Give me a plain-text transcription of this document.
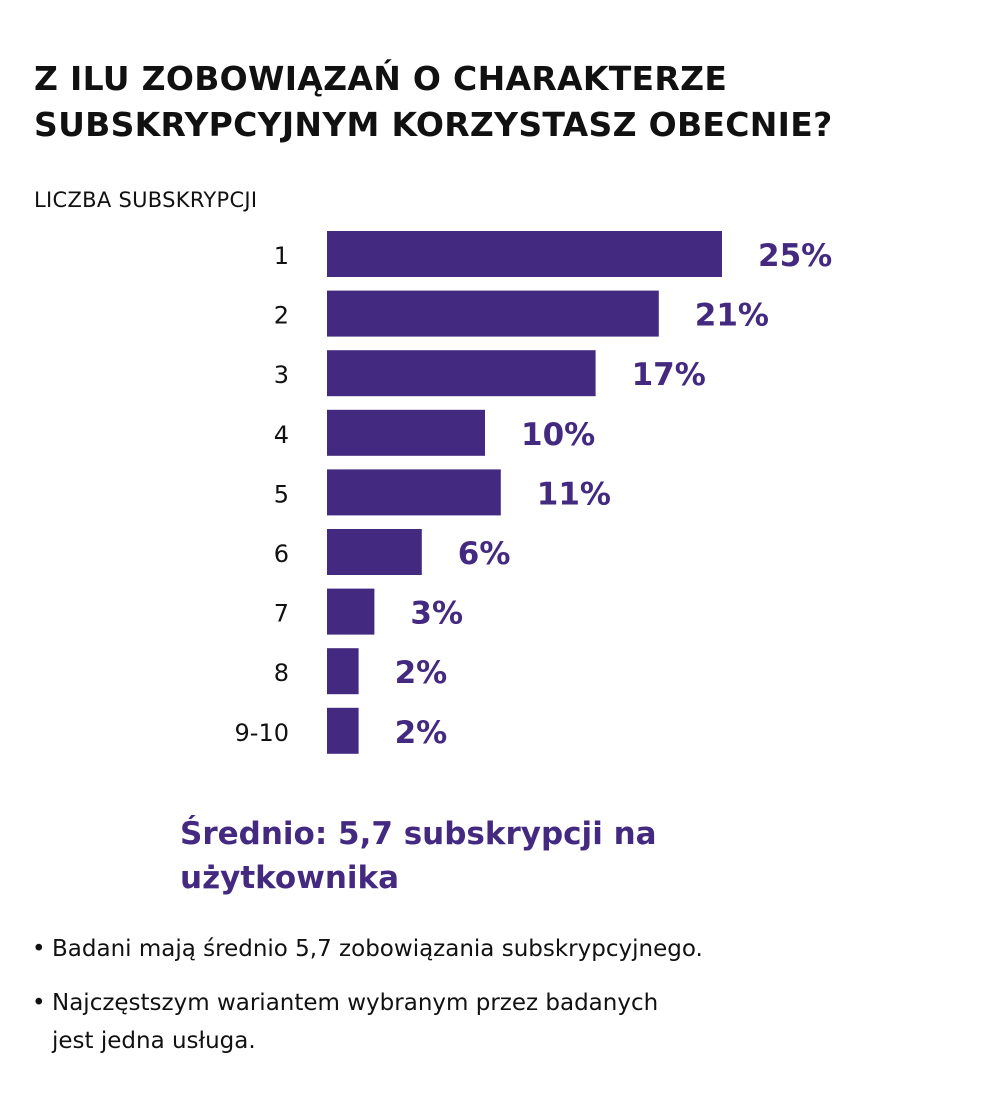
Z ILU ZOBOWIĄZAŃ O CHARAKTERZE
SUBSKRYPCYJNYM KORZYSTASZ OBECNIE?
LICZBA SUBSKRYPCJI
1	25%
2	21%
3	17%
4	10%
5	11%
6	6%
7	3%
8	2%
9-10	2%
Średnio: 5,7 subskrypcji na
użytkownika
• Badani mają średnio 5,7 zobowiązania subskrypcyjnego.
• Najczęstszym wariantem wybranym przez badanych
jest jedna usługa.
